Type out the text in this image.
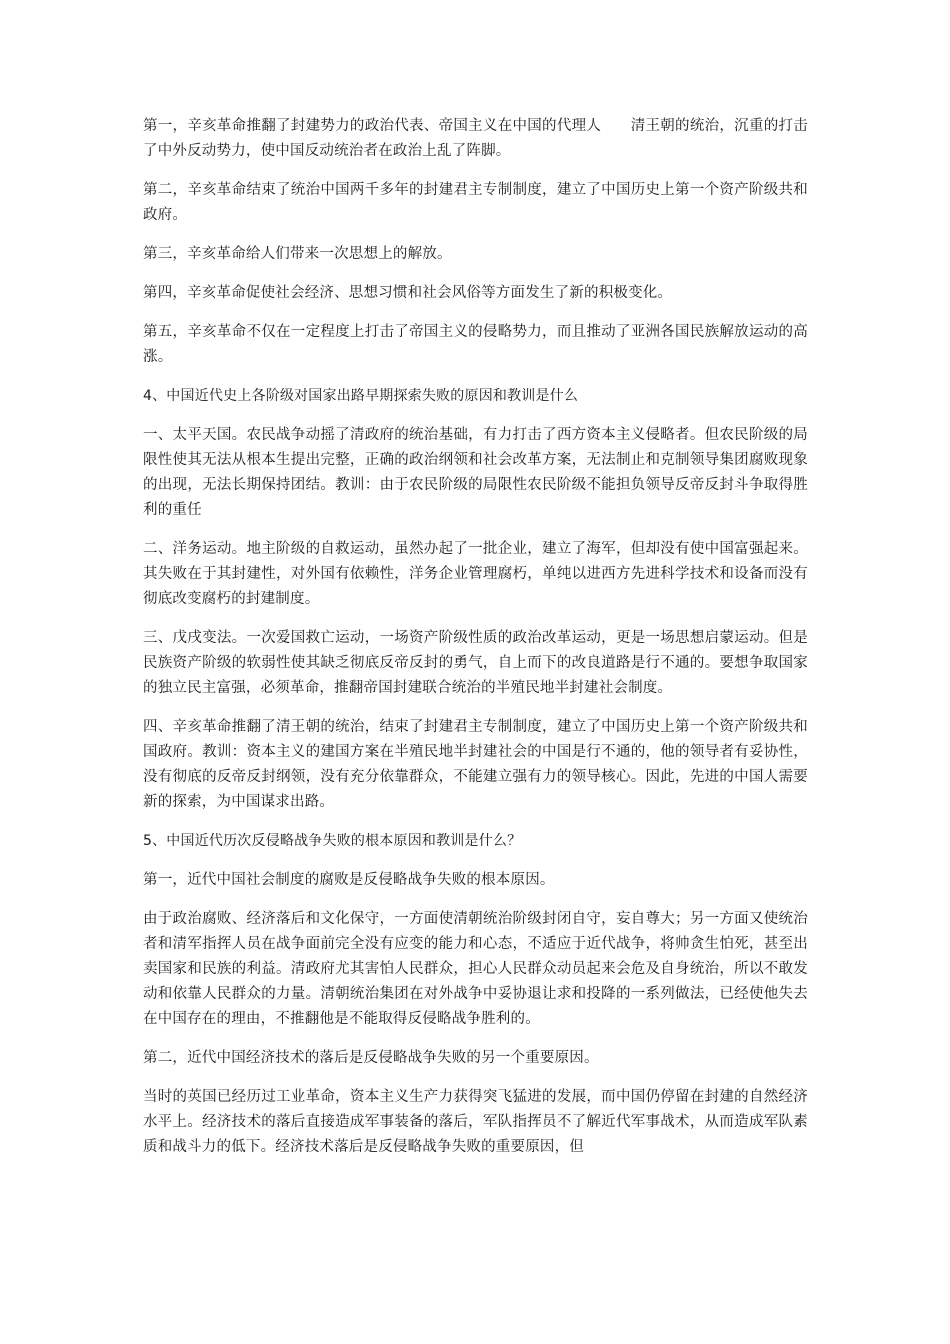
第一，辛亥革命推翻了封建势力的政治代表、帝国主义在中国的代理人　　清王朝的统治，沉重的打击了中外反动势力，使中国反动统治者在政治上乱了阵脚。

第二，辛亥革命结束了统治中国两千多年的封建君主专制制度，建立了中国历史上第一个资产阶级共和政府。

第三，辛亥革命给人们带来一次思想上的解放。

第四，辛亥革命促使社会经济、思想习惯和社会风俗等方面发生了新的积极变化。

第五，辛亥革命不仅在一定程度上打击了帝国主义的侵略势力，而且推动了亚洲各国民族解放运动的高涨。

4、中国近代史上各阶级对国家出路早期探索失败的原因和教训是什么

一、太平天国。农民战争动摇了清政府的统治基础，有力打击了西方资本主义侵略者。但农民阶级的局限性使其无法从根本生提出完整，正确的政治纲领和社会改革方案，无法制止和克制领导集团腐败现象的出现，无法长期保持团结。教训：由于农民阶级的局限性农民阶级不能担负领导反帝反封斗争取得胜利的重任

二、洋务运动。地主阶级的自救运动，虽然办起了一批企业，建立了海军，但却没有使中国富强起来。其失败在于其封建性，对外国有依赖性，洋务企业管理腐朽，单纯以进西方先进科学技术和设备而没有彻底改变腐朽的封建制度。

三、戊戌变法。一次爱国救亡运动，一场资产阶级性质的政治改革运动，更是一场思想启蒙运动。但是民族资产阶级的软弱性使其缺乏彻底反帝反封的勇气，自上而下的改良道路是行不通的。要想争取国家的独立民主富强，必须革命，推翻帝国封建联合统治的半殖民地半封建社会制度。

四、辛亥革命推翻了清王朝的统治，结束了封建君主专制制度，建立了中国历史上第一个资产阶级共和国政府。教训：资本主义的建国方案在半殖民地半封建社会的中国是行不通的，他的领导者有妥协性，没有彻底的反帝反封纲领，没有充分依靠群众，不能建立强有力的领导核心。因此，先进的中国人需要新的探索，为中国谋求出路。

5、中国近代历次反侵略战争失败的根本原因和教训是什么？

第一，近代中国社会制度的腐败是反侵略战争失败的根本原因。

由于政治腐败、经济落后和文化保守，一方面使清朝统治阶级封闭自守，妄自尊大；另一方面又使统治者和清军指挥人员在战争面前完全没有应变的能力和心态，不适应于近代战争，将帅贪生怕死，甚至出卖国家和民族的利益。清政府尤其害怕人民群众，担心人民群众动员起来会危及自身统治，所以不敢发动和依靠人民群众的力量。清朝统治集团在对外战争中妥协退让求和投降的一系列做法，已经使他失去在中国存在的理由，不推翻他是不能取得反侵略战争胜利的。

第二，近代中国经济技术的落后是反侵略战争失败的另一个重要原因。

当时的英国已经历过工业革命，资本主义生产力获得突飞猛进的发展，而中国仍停留在封建的自然经济水平上。经济技术的落后直接造成军事装备的落后，军队指挥员不了解近代军事战术，从而造成军队素质和战斗力的低下。经济技术落后是反侵略战争失败的重要原因，但
